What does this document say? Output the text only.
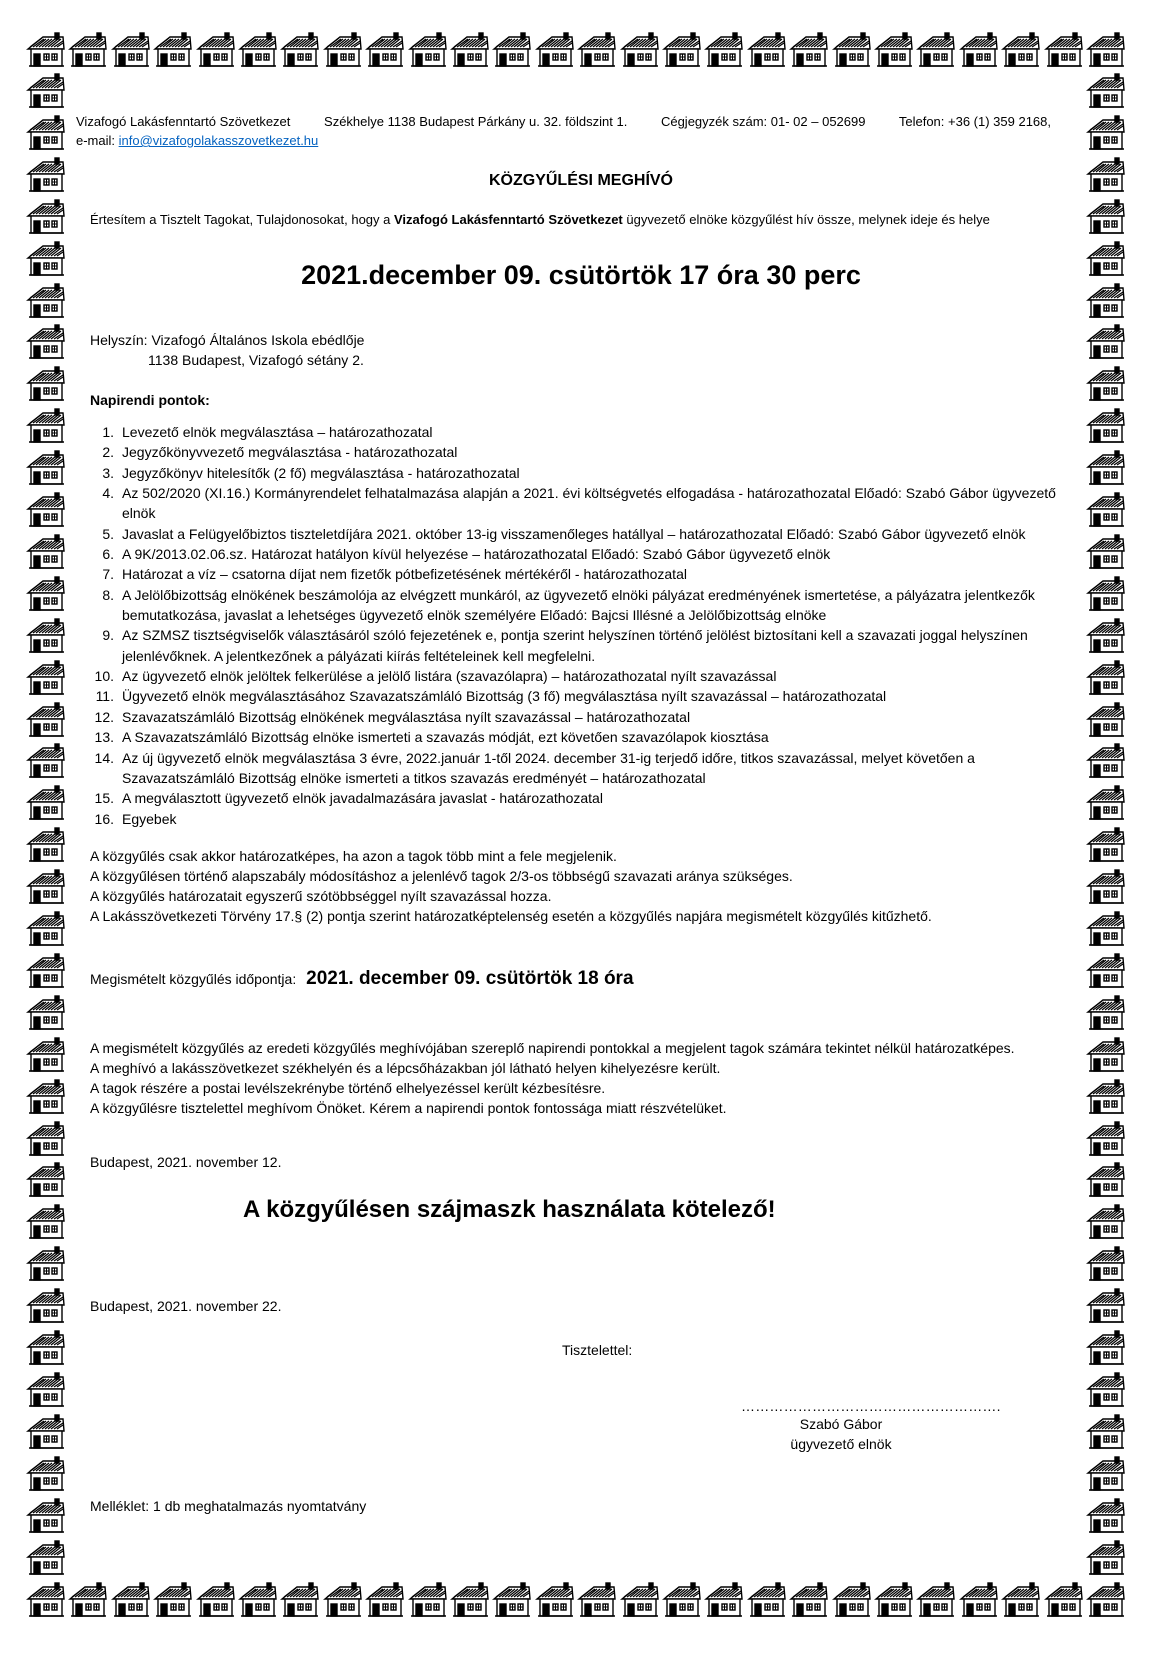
Vizafogó Lakásfenntartó Szövetkezet	Székhelye 1138 Budapest Párkány u. 32. földszint 1.	Cégjegyzék szám: 01- 02 – 052699	Telefon: +36 (1) 359 2168,
e-mail: info@vizafogolakasszovetkezet.hu
KÖZGYŰLÉSI MEGHÍVÓ
Értesítem a Tisztelt Tagokat, Tulajdonosokat, hogy a Vizafogó Lakásfenntartó Szövetkezet ügyvezető elnöke közgyűlést hív össze, melynek ideje és helye
2021.december 09. csütörtök 17 óra 30 perc
Helyszín: Vizafogó Általános Iskola ebédlője
1138 Budapest, Vizafogó sétány 2.
Napirendi pontok:
1. Levezető elnök megválasztása – határozathozatal
2. Jegyzőkönyvvezető megválasztása - határozathozatal
3. Jegyzőkönyv hitelesítők (2 fő) megválasztása - határozathozatal
4. Az 502/2020 (XI.16.) Kormányrendelet felhatalmazása alapján a 2021. évi költségvetés elfogadása - határozathozatal Előadó: Szabó Gábor ügyvezető elnök
5. Javaslat a Felügyelőbiztos tiszteletdíjára 2021. október 13-ig visszamenőleges hatállyal – határozathozatal Előadó: Szabó Gábor ügyvezető elnök
6. A 9K/2013.02.06.sz. Határozat hatályon kívül helyezése – határozathozatal Előadó: Szabó Gábor ügyvezető elnök
7. Határozat a víz – csatorna díjat nem fizetők pótbefizetésének mértékéről - határozathozatal
8. A Jelölőbizottság elnökének beszámolója az elvégzett munkáról, az ügyvezető elnöki pályázat eredményének ismertetése, a pályázatra jelentkezők bemutatkozása, javaslat a lehetséges ügyvezető elnök személyére Előadó: Bajcsi Illésné a Jelölőbizottság elnöke
9. Az SZMSZ tisztségviselők választásáról szóló fejezetének e, pontja szerint helyszínen történő jelölést biztosítani kell a szavazati joggal helyszínen jelenlévőknek. A jelentkezőnek a pályázati kiírás feltételeinek kell megfelelni.
10. Az ügyvezető elnök jelöltek felkerülése a jelölő listára (szavazólapra) – határozathozatal nyílt szavazással
11. Ügyvezető elnök megválasztásához Szavazatszámláló Bizottság (3 fő) megválasztása nyílt szavazással – határozathozatal
12. Szavazatszámláló Bizottság elnökének megválasztása nyílt szavazással – határozathozatal
13. A Szavazatszámláló Bizottság elnöke ismerteti a szavazás módját, ezt követően szavazólapok kiosztása
14. Az új ügyvezető elnök megválasztása 3 évre, 2022.január 1-től 2024. december 31-ig terjedő időre, titkos szavazással, melyet követően a Szavazatszámláló Bizottság elnöke ismerteti a titkos szavazás eredményét – határozathozatal
15. A megválasztott ügyvezető elnök javadalmazására javaslat - határozathozatal
16. Egyebek
A közgyűlés csak akkor határozatképes, ha azon a tagok több mint a fele megjelenik.
A közgyűlésen történő alapszabály módosításhoz a jelenlévő tagok 2/3-os többségű szavazati aránya szükséges.
A közgyűlés határozatait egyszerű szótöbbséggel nyílt szavazással hozza.
A Lakásszövetkezeti Törvény 17.§ (2) pontja szerint határozatképtelenség esetén a közgyűlés napjára megismételt közgyűlés kitűzhető.
Megismételt közgyűlés időpontja: 2021. december 09. csütörtök 18 óra
A megismételt közgyűlés az eredeti közgyűlés meghívójában szereplő napirendi pontokkal a megjelent tagok számára tekintet nélkül határozatképes.
A meghívó a lakásszövetkezet székhelyén és a lépcsőházakban jól látható helyen kihelyezésre került.
A tagok részére a postai levélszekrénybe történő elhelyezéssel került kézbesítésre.
A közgyűlésre tisztelettel meghívom Önöket. Kérem a napirendi pontok fontossága miatt részvételüket.
Budapest, 2021. november 12.
A közgyűlésen szájmaszk használata kötelező!
Budapest, 2021. november 22.
Tisztelettel:
……………………………………………….
Szabó Gábor
ügyvezető elnök
Melléklet: 1 db meghatalmazás nyomtatvány
